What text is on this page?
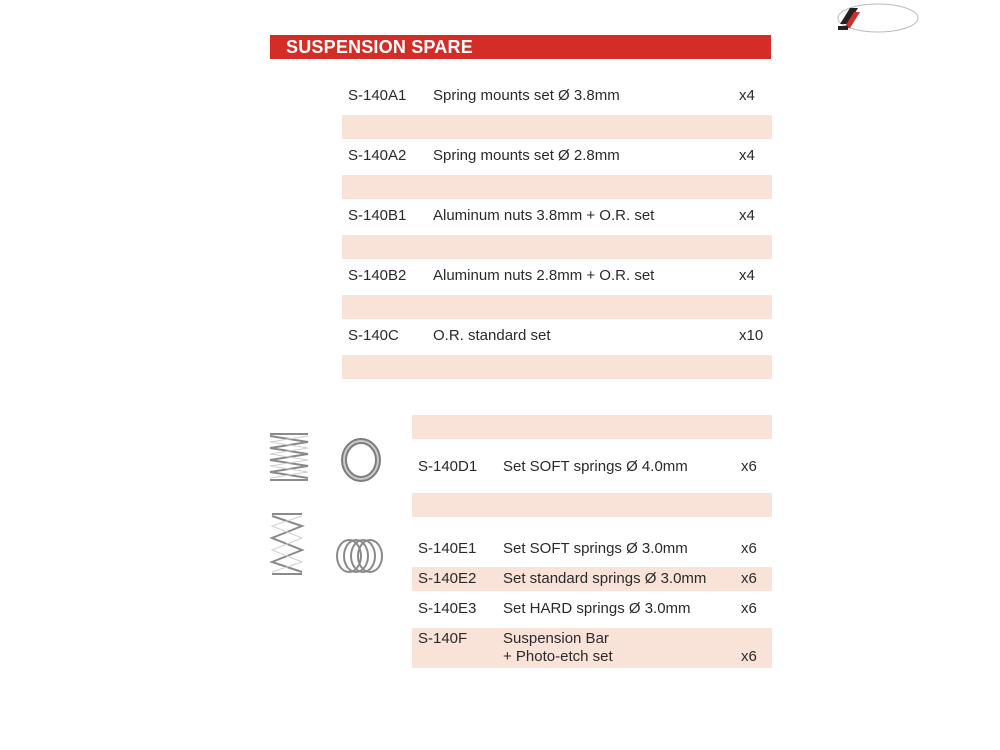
SUSPENSION SPARE
S-140A1 Spring mounts set Ø 3.8mm	x4
S-140A2 Spring mounts set Ø 2.8mm	x4
S-140B1 Aluminum nuts 3.8mm + O.R. set	x4
S-140B2 Aluminum nuts 2.8mm + O.R. set	x4
S-140C O.R. standard set	x10
S-140D1 Set SOFT springs Ø 4.0mm	x6
S-140E1 Set SOFT springs Ø 3.0mm	x6
S-140E2 Set standard springs Ø 3.0mm x6
S-140E3 Set HARD springs Ø 3.0mm	x6
S-140F Suspension Bar
+ Photo-etch set	x6
